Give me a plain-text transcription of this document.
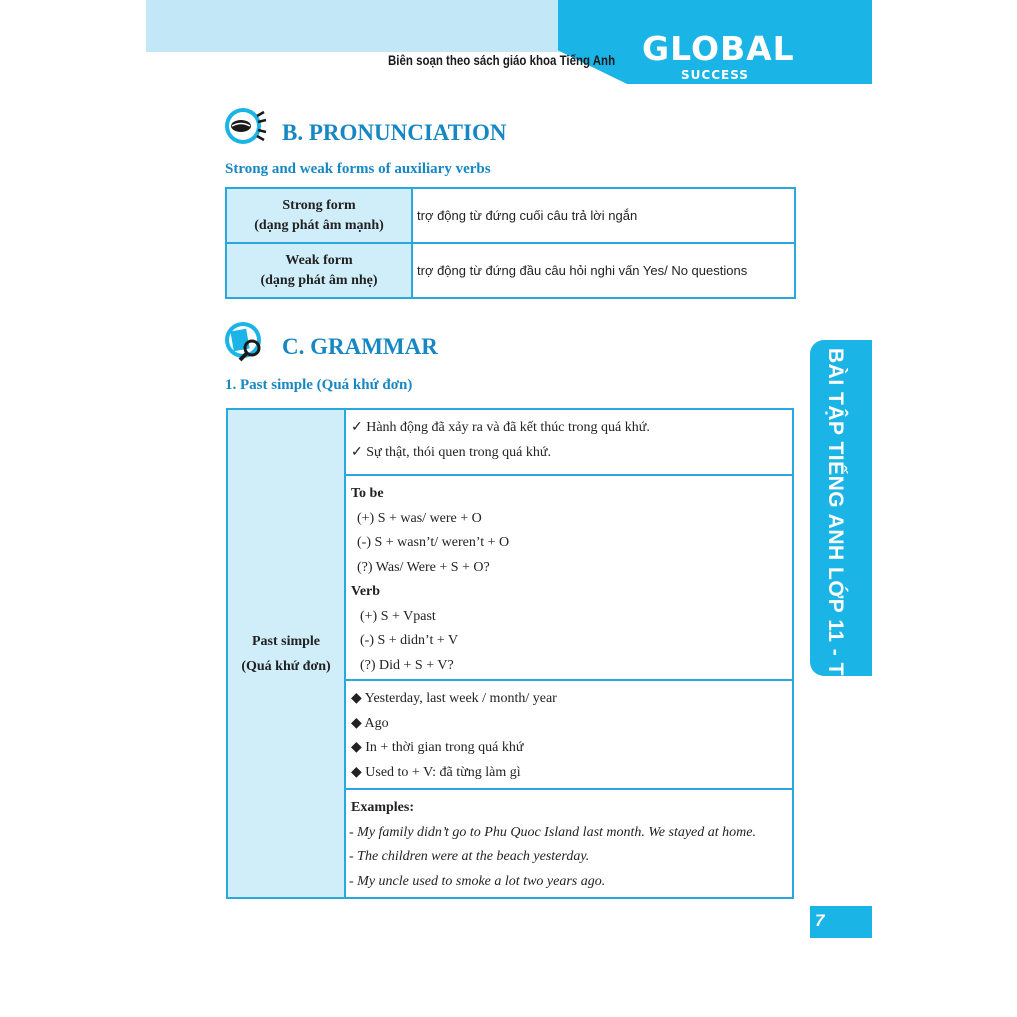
Biên soạn theo sách giáo khoa Tiếng Anh GLOBAL
SUCCESS
BÀI TẬP TIẾNG ANH LỚP 11 - TẬP 1
B. PRONUNCIATION
Strong and weak forms of auxiliary verbs
Strong form
(dạng phát âm mạnh)	trợ động từ đứng cuối câu trả lời ngắn

Weak form
(dạng phát âm nhẹ)	trợ động từ đứng đầu câu hỏi nghi vấn Yes/ No questions
C. GRAMMAR
1. Past simple (Quá khứ đơn)
Past simple
(Quá khứ đơn)

✓ Hành động đã xảy ra và đã kết thúc trong quá khứ.
✓ Sự thật, thói quen trong quá khứ.

To be
(+) S + was/ were + O
(-) S + wasn’t/ weren’t + O
(?) Was/ Were + S + O?
Verb
(+) S + Vpast
(-) S + didn’t + V
(?) Did + S + V?

◆ Yesterday, last week / month/ year
◆ Ago
◆ In + thời gian trong quá khứ
◆ Used to + V: đã từng làm gì

Examples:
- My family didn’t go to Phu Quoc Island last month. We stayed at home.
- The children were at the beach yesterday.
- My uncle used to smoke a lot two years ago.
7
